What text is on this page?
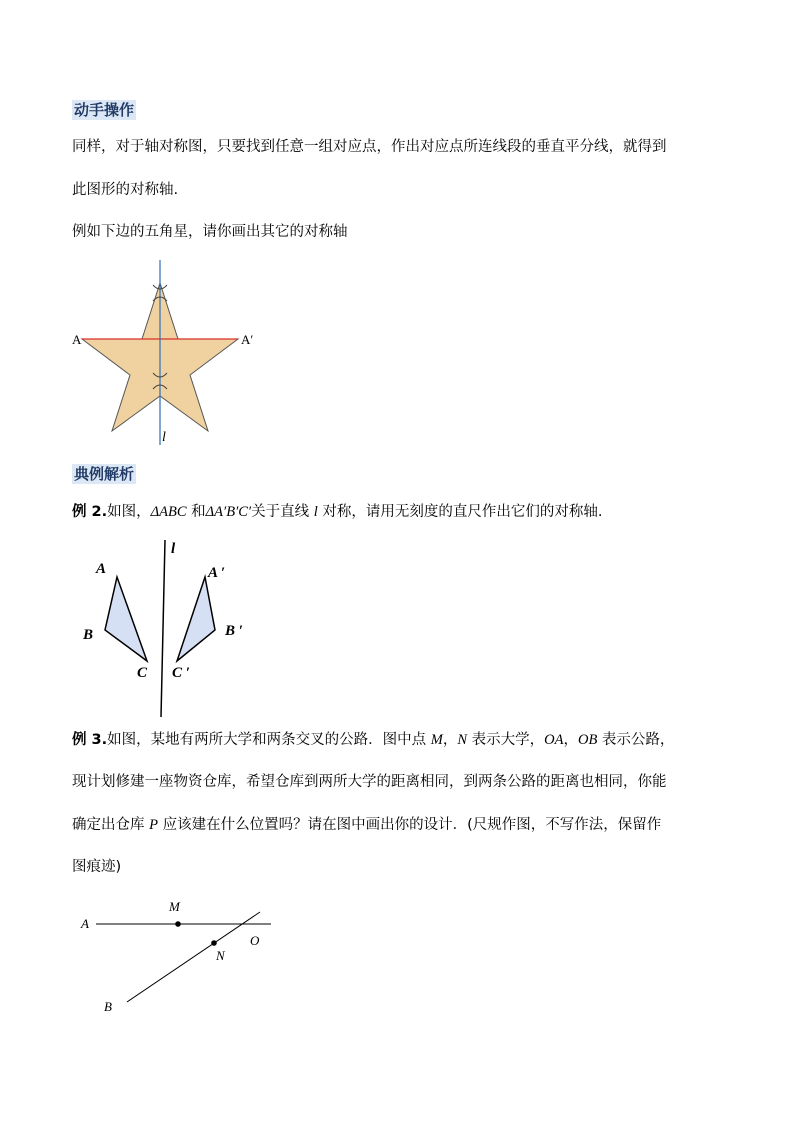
动手操作
同样，对于轴对称图，只要找到任意一组对应点，作出对应点所连线段的垂直平分线，就得到
此图形的对称轴.
例如下边的五角星，请你画出其它的对称轴
A	A′
l
典例解析
例 2.如图，ΔABC 和ΔA′B′C′关于直线 l 对称，请用无刻度的直尺作出它们的对称轴.
l
A
B
C
A ′
B ′
C ′
例 3.如图，某地有两所大学和两条交叉的公路．图中点 M，N 表示大学，OA，OB 表示公路，
现计划修建一座物资仓库，希望仓库到两所大学的距离相同，到两条公路的距离也相同，你能
确定出仓库 P 应该建在什么位置吗？请在图中画出你的设计．(尺规作图，不写作法，保留作
图痕迹)
A
M
O
N
B
